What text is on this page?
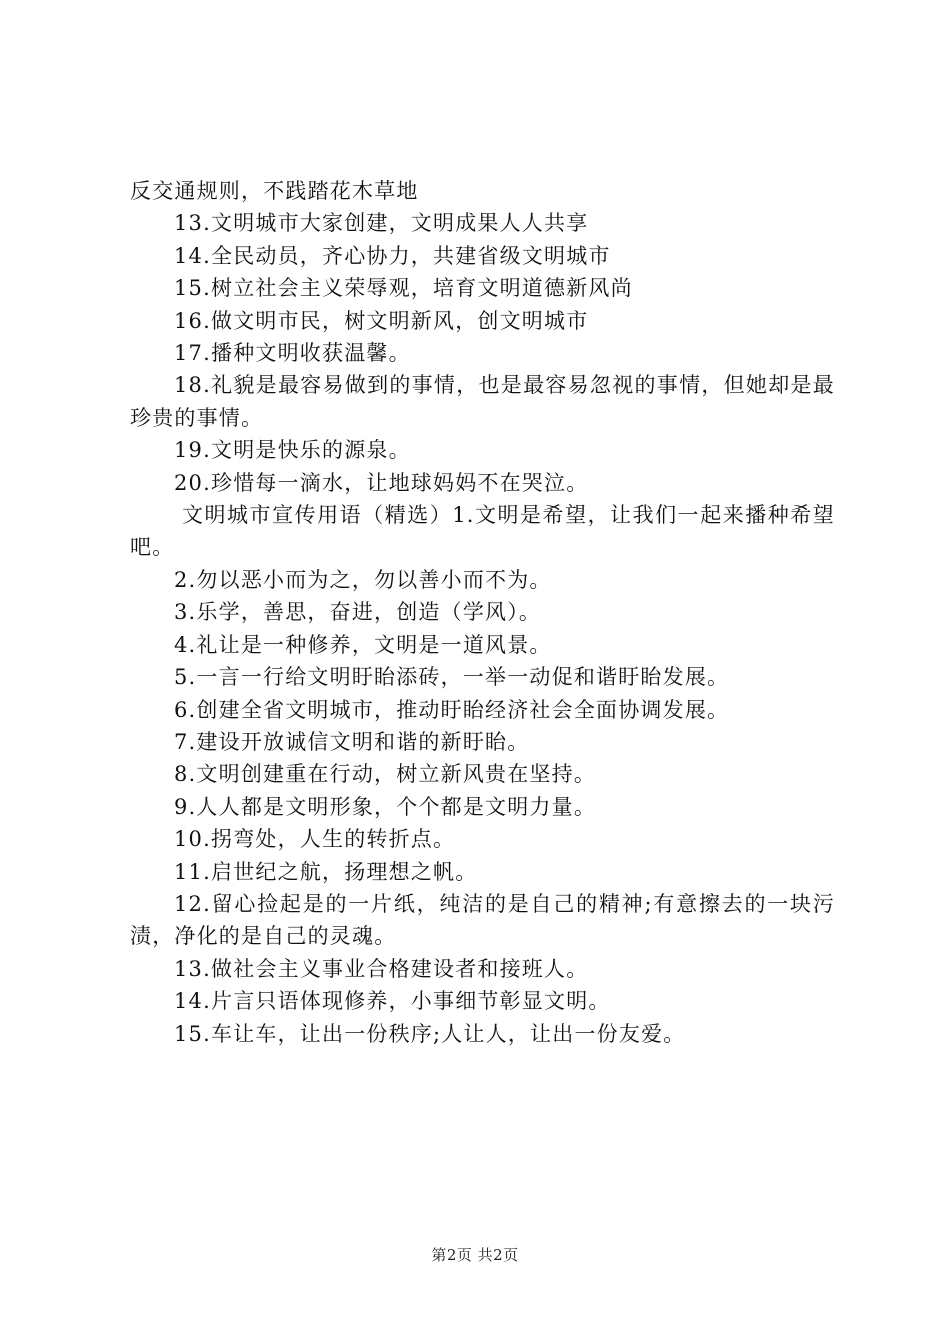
反交通规则，不践踏花木草地

13.文明城市大家创建，文明成果人人共享

14.全民动员，齐心协力，共建省级文明城市

15.树立社会主义荣辱观，培育文明道德新风尚

16.做文明市民，树文明新风，创文明城市

17.播种文明收获温馨。

18.礼貌是最容易做到的事情，也是最容易忽视的事情，但她却是最珍贵的事情。

19.文明是快乐的源泉。

20.珍惜每一滴水，让地球妈妈不在哭泣。

文明城市宣传用语（精选）1.文明是希望，让我们一起来播种希望吧。

2.勿以恶小而为之，勿以善小而不为。

3.乐学，善思，奋进，创造（学风）。

4.礼让是一种修养，文明是一道风景。

5.一言一行给文明盱眙添砖，一举一动促和谐盱眙发展。

6.创建全省文明城市，推动盱眙经济社会全面协调发展。

7.建设开放诚信文明和谐的新盱眙。

8.文明创建重在行动，树立新风贵在坚持。

9.人人都是文明形象，个个都是文明力量。

10.拐弯处，人生的转折点。

11.启世纪之航，扬理想之帆。

12.留心捡起是的一片纸，纯洁的是自己的精神;有意擦去的一块污渍，净化的是自己的灵魂。

13.做社会主义事业合格建设者和接班人。

14.片言只语体现修养，小事细节彰显文明。

15.车让车，让出一份秩序;人让人，让出一份友爱。

第2页 共2页
